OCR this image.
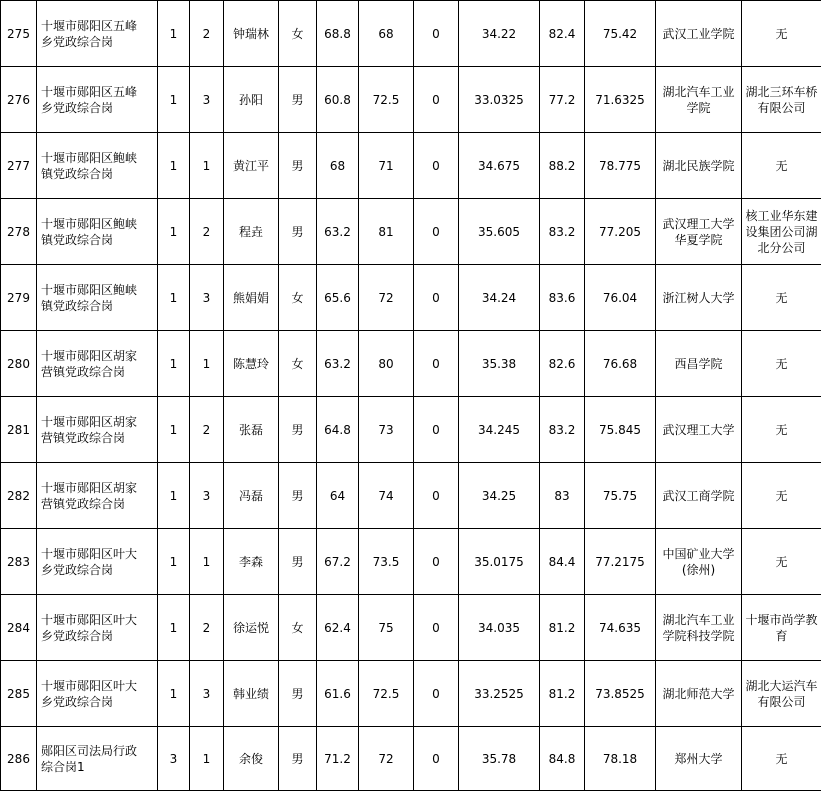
275	十堰市郧阳区五峰
乡党政综合岗	1	2	钟瑞林	女	68.8	68	0	34.22	82.4	75.42	武汉工业学院	无
276	十堰市郧阳区五峰
乡党政综合岗	1	3	孙阳	男	60.8	72.5	0	33.0325	77.2	71.6325	湖北汽车工业
学院	湖北三环车桥
有限公司
277	十堰市郧阳区鲍峡
镇党政综合岗	1	1	黄江平	男	68	71	0	34.675	88.2	78.775	湖北民族学院	无
278	十堰市郧阳区鲍峡
镇党政综合岗	1	2	程垚	男	63.2	81	0	35.605	83.2	77.205	武汉理工大学
华夏学院	核工业华东建
设集团公司湖
北分公司
279	十堰市郧阳区鲍峡
镇党政综合岗	1	3	熊娟娟	女	65.6	72	0	34.24	83.6	76.04	浙江树人大学	无
280	十堰市郧阳区胡家
营镇党政综合岗	1	1	陈慧玲	女	63.2	80	0	35.38	82.6	76.68	西昌学院	无
281	十堰市郧阳区胡家
营镇党政综合岗	1	2	张磊	男	64.8	73	0	34.245	83.2	75.845	武汉理工大学	无
282	十堰市郧阳区胡家
营镇党政综合岗	1	3	冯磊	男	64	74	0	34.25	83	75.75	武汉工商学院	无
283	十堰市郧阳区叶大
乡党政综合岗	1	1	李森	男	67.2	73.5	0	35.0175	84.4	77.2175	中国矿业大学
(徐州)	无
284	十堰市郧阳区叶大
乡党政综合岗	1	2	徐运悦	女	62.4	75	0	34.035	81.2	74.635	湖北汽车工业
学院科技学院	十堰市尚学教
育
285	十堰市郧阳区叶大
乡党政综合岗	1	3	韩业绩	男	61.6	72.5	0	33.2525	81.2	73.8525	湖北师范大学	湖北大运汽车
有限公司
286	郧阳区司法局行政
综合岗1	3	1	余俊	男	71.2	72	0	35.78	84.8	78.18	郑州大学	无
